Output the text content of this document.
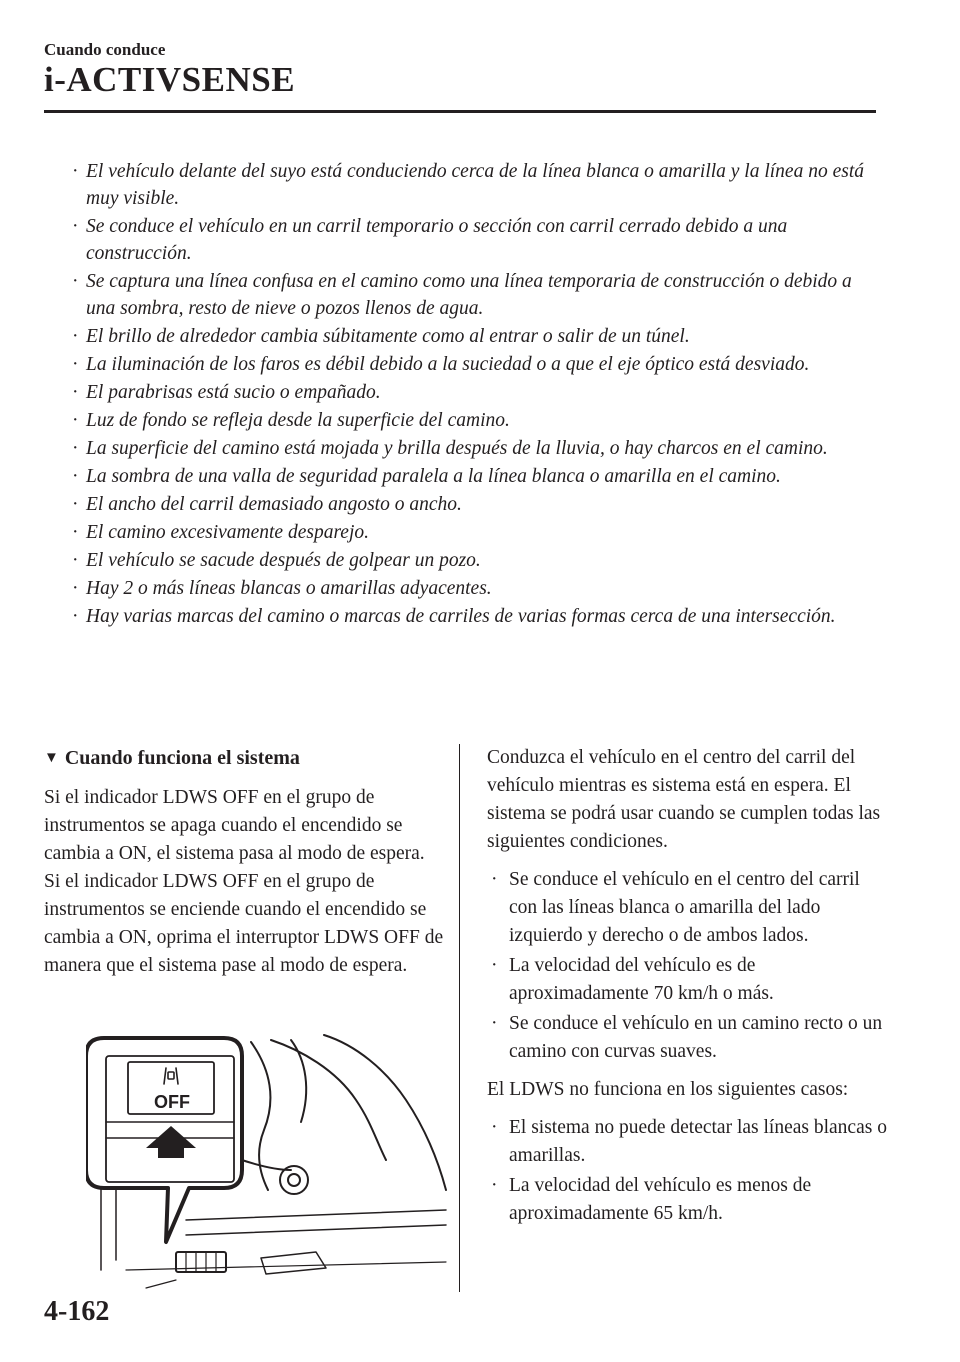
Cuando conduce
i-ACTIVSENSE
· El vehículo delante del suyo está conduciendo cerca de la línea blanca o amarilla y la línea no está muy visible.
· Se conduce el vehículo en un carril temporario o sección con carril cerrado debido a una construcción.
· Se captura una línea confusa en el camino como una línea temporaria de construcción o debido a una sombra, resto de nieve o pozos llenos de agua.
· El brillo de alrededor cambia súbitamente como al entrar o salir de un túnel.
· La iluminación de los faros es débil debido a la suciedad o a que el eje óptico está desviado.
· El parabrisas está sucio o empañado.
· Luz de fondo se refleja desde la superficie del camino.
· La superficie del camino está mojada y brilla después de la lluvia, o hay charcos en el camino.
· La sombra de una valla de seguridad paralela a la línea blanca o amarilla en el camino.
· El ancho del carril demasiado angosto o ancho.
· El camino excesivamente desparejo.
· El vehículo se sacude después de golpear un pozo.
· Hay 2 o más líneas blancas o amarillas adyacentes.
· Hay varias marcas del camino o marcas de carriles de varias formas cerca de una intersección.
▼ Cuando funciona el sistema

Si el indicador LDWS OFF en el grupo de instrumentos se apaga cuando el encendido se cambia a ON, el sistema pasa al modo de espera.

Si el indicador LDWS OFF en el grupo de instrumentos se enciende cuando el encendido se cambia a ON, oprima el interruptor LDWS OFF de manera que el sistema pase al modo de espera.

OFF

Conduzca el vehículo en el centro del carril del vehículo mientras es sistema está en espera. El sistema se podrá usar cuando se cumplen todas las siguientes condiciones.

· Se conduce el vehículo en el centro del carril con las líneas blanca o amarilla del lado izquierdo y derecho o de ambos lados.
· La velocidad del vehículo es de aproximadamente 70 km/h o más.
· Se conduce el vehículo en un camino recto o un camino con curvas suaves.

El LDWS no funciona en los siguientes casos:

· El sistema no puede detectar las líneas blancas o amarillas.
· La velocidad del vehículo es menos de aproximadamente 65 km/h.
4-162
